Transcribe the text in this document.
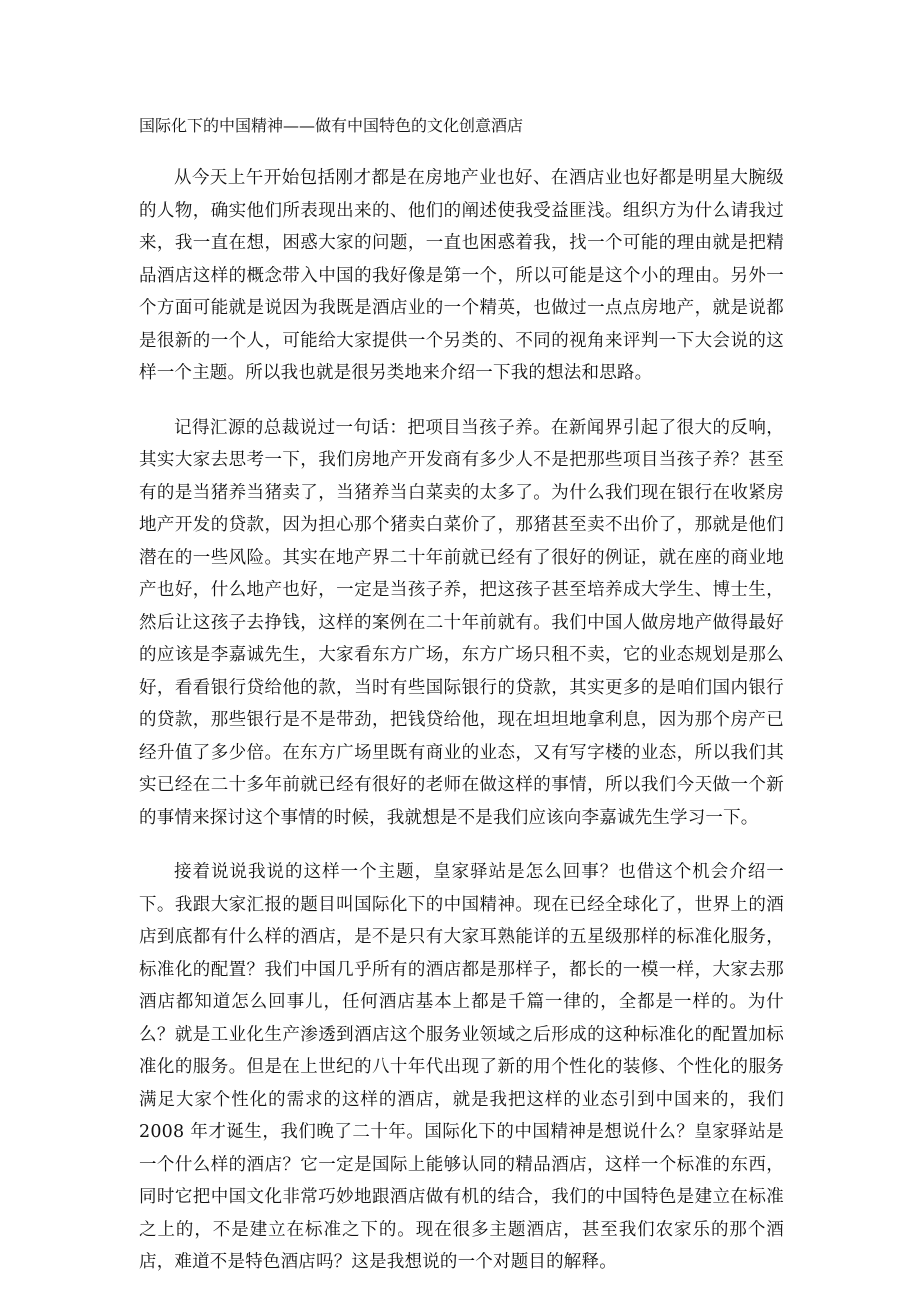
国际化下的中国精神——做有中国特色的文化创意酒店

从今天上午开始包括刚才都是在房地产业也好、在酒店业也好都是明星大腕级的人物，确实他们所表现出来的、他们的阐述使我受益匪浅。组织方为什么请我过来，我一直在想，困惑大家的问题，一直也困惑着我，找一个可能的理由就是把精品酒店这样的概念带入中国的我好像是第一个，所以可能是这个小的理由。另外一个方面可能就是说因为我既是酒店业的一个精英，也做过一点点房地产，就是说都是很新的一个人，可能给大家提供一个另类的、不同的视角来评判一下大会说的这样一个主题。所以我也就是很另类地来介绍一下我的想法和思路。

记得汇源的总裁说过一句话：把项目当孩子养。在新闻界引起了很大的反响，其实大家去思考一下，我们房地产开发商有多少人不是把那些项目当孩子养？甚至有的是当猪养当猪卖了，当猪养当白菜卖的太多了。为什么我们现在银行在收紧房地产开发的贷款，因为担心那个猪卖白菜价了，那猪甚至卖不出价了，那就是他们潜在的一些风险。其实在地产界二十年前就已经有了很好的例证，就在座的商业地产也好，什么地产也好，一定是当孩子养，把这孩子甚至培养成大学生、博士生，然后让这孩子去挣钱，这样的案例在二十年前就有。我们中国人做房地产做得最好的应该是李嘉诚先生，大家看东方广场，东方广场只租不卖，它的业态规划是那么好，看看银行贷给他的款，当时有些国际银行的贷款，其实更多的是咱们国内银行的贷款，那些银行是不是带劲，把钱贷给他，现在坦坦地拿利息，因为那个房产已经升值了多少倍。在东方广场里既有商业的业态，又有写字楼的业态，所以我们其实已经在二十多年前就已经有很好的老师在做这样的事情，所以我们今天做一个新的事情来探讨这个事情的时候，我就想是不是我们应该向李嘉诚先生学习一下。

接着说说我说的这样一个主题，皇家驿站是怎么回事？也借这个机会介绍一下。我跟大家汇报的题目叫国际化下的中国精神。现在已经全球化了，世界上的酒店到底都有什么样的酒店，是不是只有大家耳熟能详的五星级那样的标准化服务，标准化的配置？我们中国几乎所有的酒店都是那样子，都长的一模一样，大家去那酒店都知道怎么回事儿，任何酒店基本上都是千篇一律的，全都是一样的。为什么？就是工业化生产渗透到酒店这个服务业领域之后形成的这种标准化的配置加标准化的服务。但是在上世纪的八十年代出现了新的用个性化的装修、个性化的服务满足大家个性化的需求的这样的酒店，就是我把这样的业态引到中国来的，我们 2008 年才诞生，我们晚了二十年。国际化下的中国精神是想说什么？皇家驿站是一个什么样的酒店？它一定是国际上能够认同的精品酒店，这样一个标准的东西，同时它把中国文化非常巧妙地跟酒店做有机的结合，我们的中国特色是建立在标准之上的，不是建立在标准之下的。现在很多主题酒店，甚至我们农家乐的那个酒店，难道不是特色酒店吗？这是我想说的一个对题目的解释。
